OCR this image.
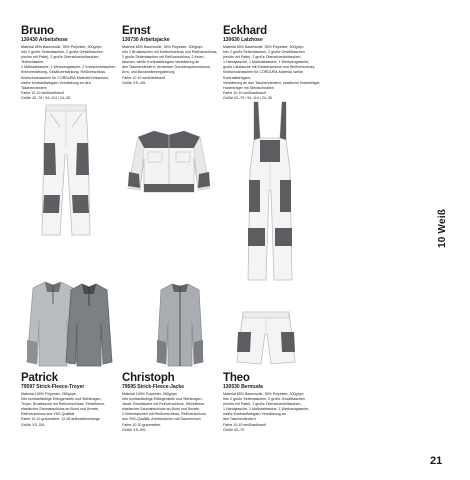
Bruno
130430 Arbeitshose
Material 65% Baumwolle, 35% Polyester, 300g/qm
Info 2 große Seitentaschen, 2 große Gesäßtaschen
(rechts mit Patte), 2 große Oberschenkeltaschen, Telefontasche,
1 Maßstabtasche, 1 Werkzeugtasche, 2 Knieschutztaschen,
Knieverstärkung, Gesäßverstärkung, Reißverschluss,
Knieschutztaschen für CORDURA-Material Knieschutz,
weiße Kontrastfarbgarn-Verstärkung an den Taschenrändern
Farbe 10 10 weiß/anthrazit
Größe 42–70 / 94–114 / 24–35
Ernst
130730 Arbeitsjacke
Material 65% Baumwolle, 35% Polyester, 300g/qm
Info 2 Brusttaschen mit Klettverschluss und Reißverschluss,
2 große Seitentaschen mit Reißverschluss, 2 Innen-
taschen, weiße Kontrastfarbgarn-Verstärkung an
den Taschenrändern, verdeckter Druckknopfverschluss,
Arm- und Bundweitenregulierung
Farbe 10 10 weiß/anthrazit
Größe XS–4XL
Eckhard
130630 Latzhose
Material 65% Baumwolle, 35% Polyester, 300g/qm
Info 2 große Seitentaschen, 2 große Gesäßtaschen
(rechts mit Patte), 2 große Oberschenkeltaschen,
1 Handytasche, 1 Maßstabtasche, 1 Werkzeugtasche,
große Latztasche mit Klettverschluss und Reißverschluss,
Knieschutztaschen für CORDURA-Material, weiße Kontrastfarbgarn-
Verstärkung an den Taschenrändern, elastische Hosenträger,
Hosenträger mit Steckschnallen
Farbe 10 10 weiß/anthrazit
Größe 42–70 / 94–114 / 24–35
Patrick
79597 Strick-Fleece-Troyer
Material 100% Polyester, 280g/qm
Info kontrastfarbige Ellbogenkeile und Stehkragen,
Troyer, Brusttasche mit Reißverschluss, Strickfleece,
elastischer Saumabschluss an Bund und Ärmeln,
Reißverschluss aus YKK-Qualität
Farbe 10 10 graumeliert, 12 28 anthrazit/melange
Größe XS–5XL
Christoph
79595 Strick-Fleece-Jacke
Material 100% Polyester, 280g/qm
Info kontrastfarbige Ellbogenkeile und Stehkragen,
Jacke, Brusttasche mit Reißverschluss, Strickfleece,
elastischer Saumabschluss an Bund und Ärmeln,
2 Seitentaschen mit Reißverschluss, Reißverschluss
aus YKK-Qualität, Armbündchen mit Daumenloch
Farbe 10 10 graumeliert
Größe XS–5XL
Theo
130530 Bermuda
Material 65% Baumwolle, 35% Polyester, 300g/qm
Info 2 große Seitentaschen, 2 große Gesäßtaschen
(rechts mit Patte), 2 große Oberschenkeltaschen,
1 Handytasche, 1 Maßstabtasche, 1 Werkzeugtasche,
weiße Kontrastfarbgarn-Verstärkung an
den Taschenrändern
Farbe 10 10 weiß/anthrazit
Größe 42–70
10 Weiß
21
